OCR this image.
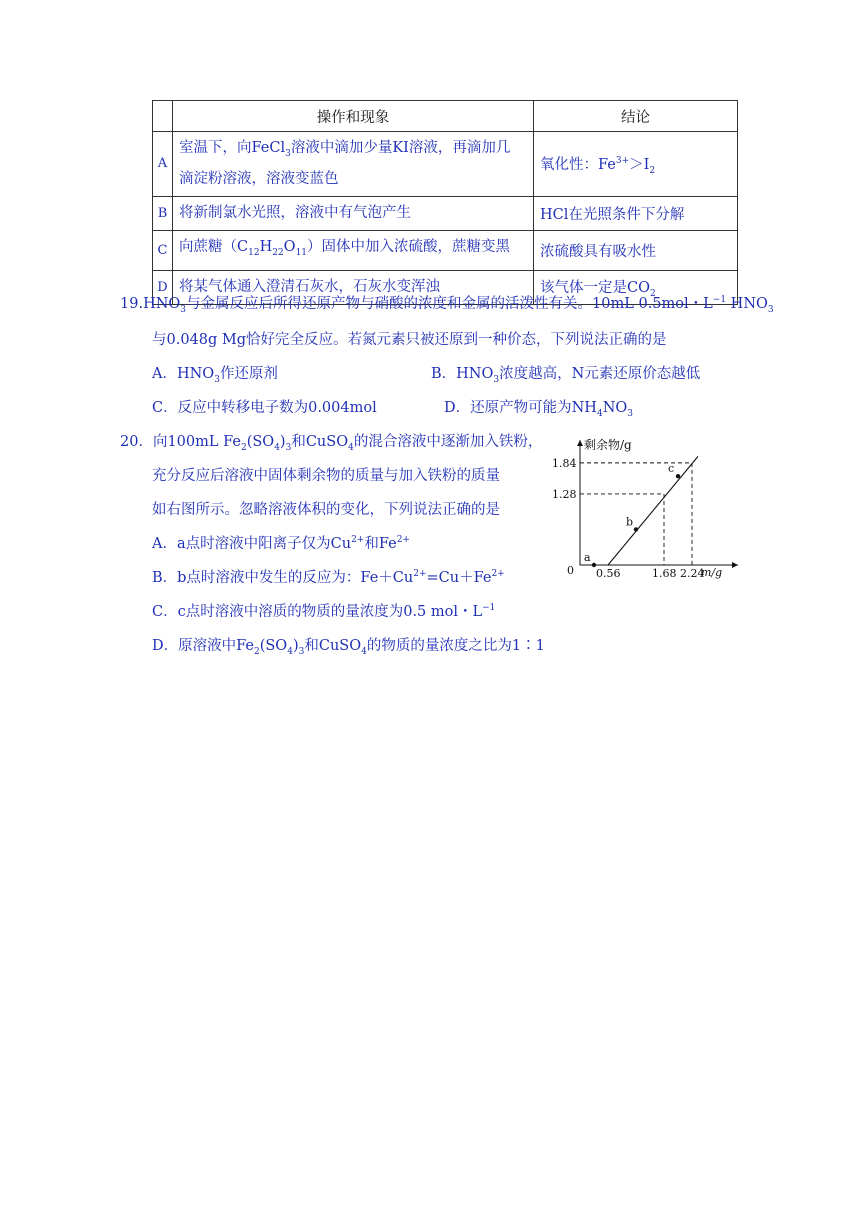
	操作和现象	结论
A	室温下，向FeCl$_3$溶液中滴加少量KI溶液，再滴加几
滴淀粉溶液，溶液变蓝色	氧化性：$Fe^{3+}>I_2$
B	将新制氯水光照，溶液中有气泡产生	HCl在光照条件下分解
C	向蔗糖$(C_{12}H_{22}O_{11})$固体中加入浓硫酸，蔗糖变黑	浓硫酸具有吸水性
D	将某气体通入澄清石灰水，石灰水变浑浊	该气体一定是$CO_2$
$19.HNO_3$与金属反应后所得还原产物与硝酸的浓度和金属的活泼性有关。10mL 0.5mol・$L^{-1}$ $HNO_3$
与0.048g Mg恰好完全反应。若氮元素只被还原到一种价态，下列说法正确的是
A．$HNO_3$作还原剂	B．$HNO_3$浓度越高，N元素还原价态越低
C．反应中转移电子数为0.004mol	D．还原产物可能为$NH_4NO_3$
20．向100mL $Fe_2(SO_4)_3$和CuSO$_4$的混合溶液中逐渐加入铁粉，
充分反应后溶液中固体剩余物的质量与加入铁粉的质量
如右图所示。忽略溶液体积的变化，下列说法正确的是
A．a点时溶液中阳离子仅为$Cu^{2+}$和$Fe^{2+}$
B．b点时溶液中发生的反应为：$Fe+Cu^{2+}=Cu+Fe^{2+}$
C．c点时溶液中溶质的物质的量浓度为0.5 mol・$L^{-1}$
D．原溶液中$Fe_2(SO_4)_3$和CuSO$_4$的物质的量浓度之比为1∶1
剩余物/g
m/g
0
1.28
1.84
0.56	1.68 2.24
a
b
c
